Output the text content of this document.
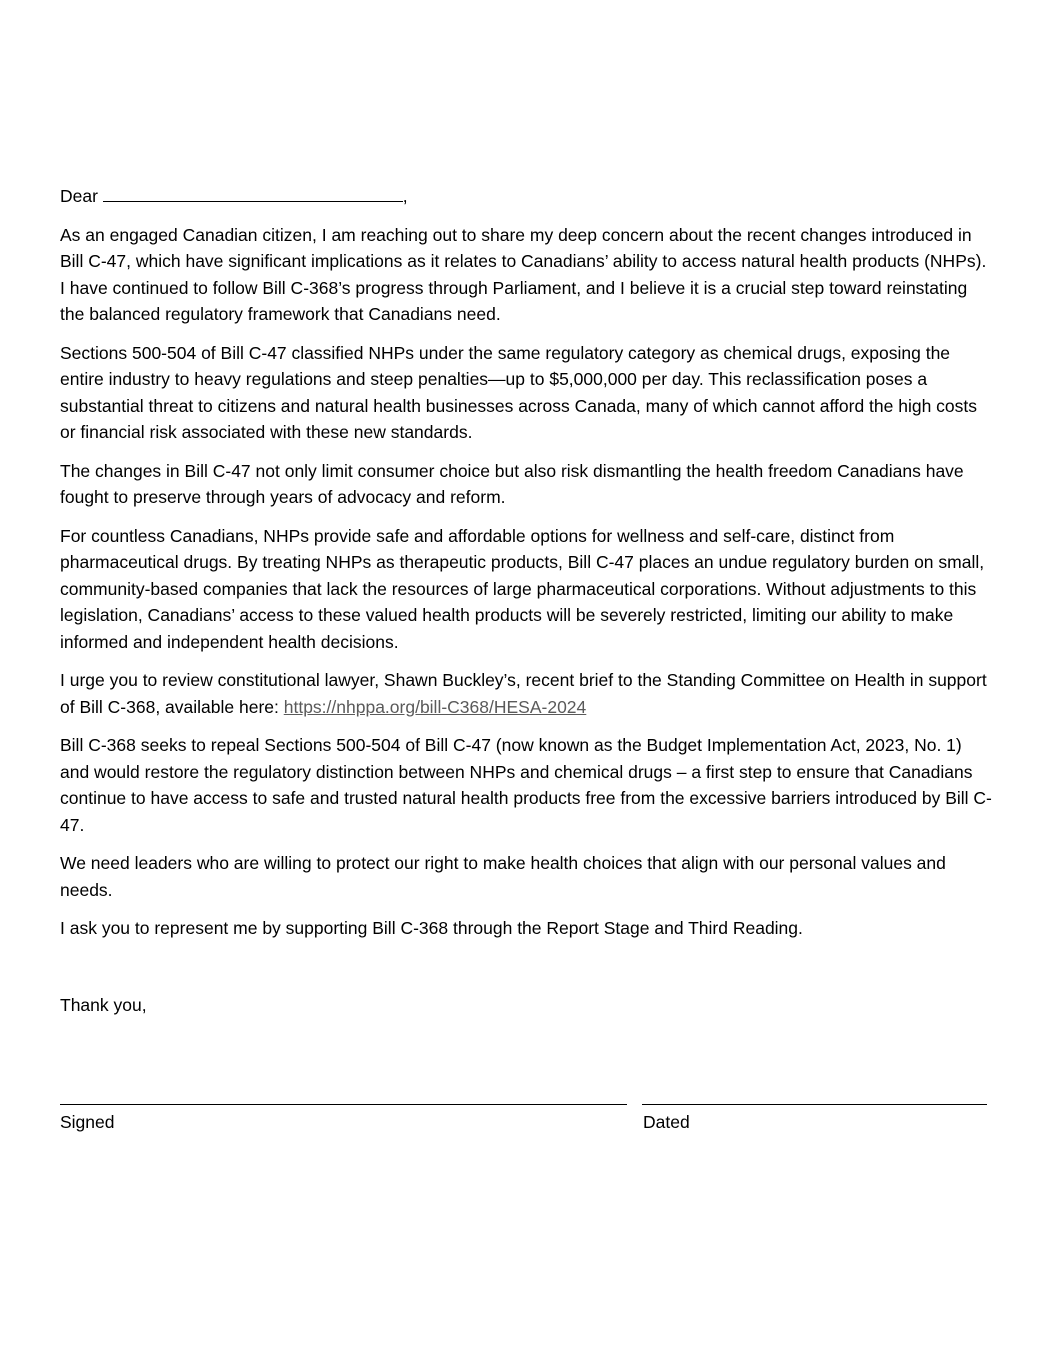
Dear	,

As an engaged Canadian citizen, I am reaching out to share my deep concern about the recent changes introduced in Bill C-47, which have significant implications as it relates to Canadians’ ability to access natural health products (NHPs). I have continued to follow Bill C-368’s progress through Parliament, and I believe it is a crucial step toward reinstating the balanced regulatory framework that Canadians need.

Sections 500-504 of Bill C-47 classified NHPs under the same regulatory category as chemical drugs, exposing the entire industry to heavy regulations and steep penalties—up to $5,000,000 per day. This reclassification poses a substantial threat to citizens and natural health businesses across Canada, many of which cannot afford the high costs or financial risk associated with these new standards.

The changes in Bill C-47 not only limit consumer choice but also risk dismantling the health freedom Canadians have fought to preserve through years of advocacy and reform.

For countless Canadians, NHPs provide safe and affordable options for wellness and self-care, distinct from pharmaceutical drugs. By treating NHPs as therapeutic products, Bill C-47 places an undue regulatory burden on small, community-based companies that lack the resources of large pharmaceutical corporations. Without adjustments to this legislation, Canadians’ access to these valued health products will be severely restricted, limiting our ability to make informed and independent health decisions.

I urge you to review constitutional lawyer, Shawn Buckley’s, recent brief to the Standing Committee on Health in support of Bill C-368, available here: https://nhppa.org/bill-C368/HESA-2024

Bill C-368 seeks to repeal Sections 500-504 of Bill C-47 (now known as the Budget Implementation Act, 2023, No. 1) and would restore the regulatory distinction between NHPs and chemical drugs – a first step to ensure that Canadians continue to have access to safe and trusted natural health products free from the excessive barriers introduced by Bill C-47.

We need leaders who are willing to protect our right to make health choices that align with our personal values and needs.

I ask you to represent me by supporting Bill C-368 through the Report Stage and Third Reading.

Thank you,

Signed	Dated
